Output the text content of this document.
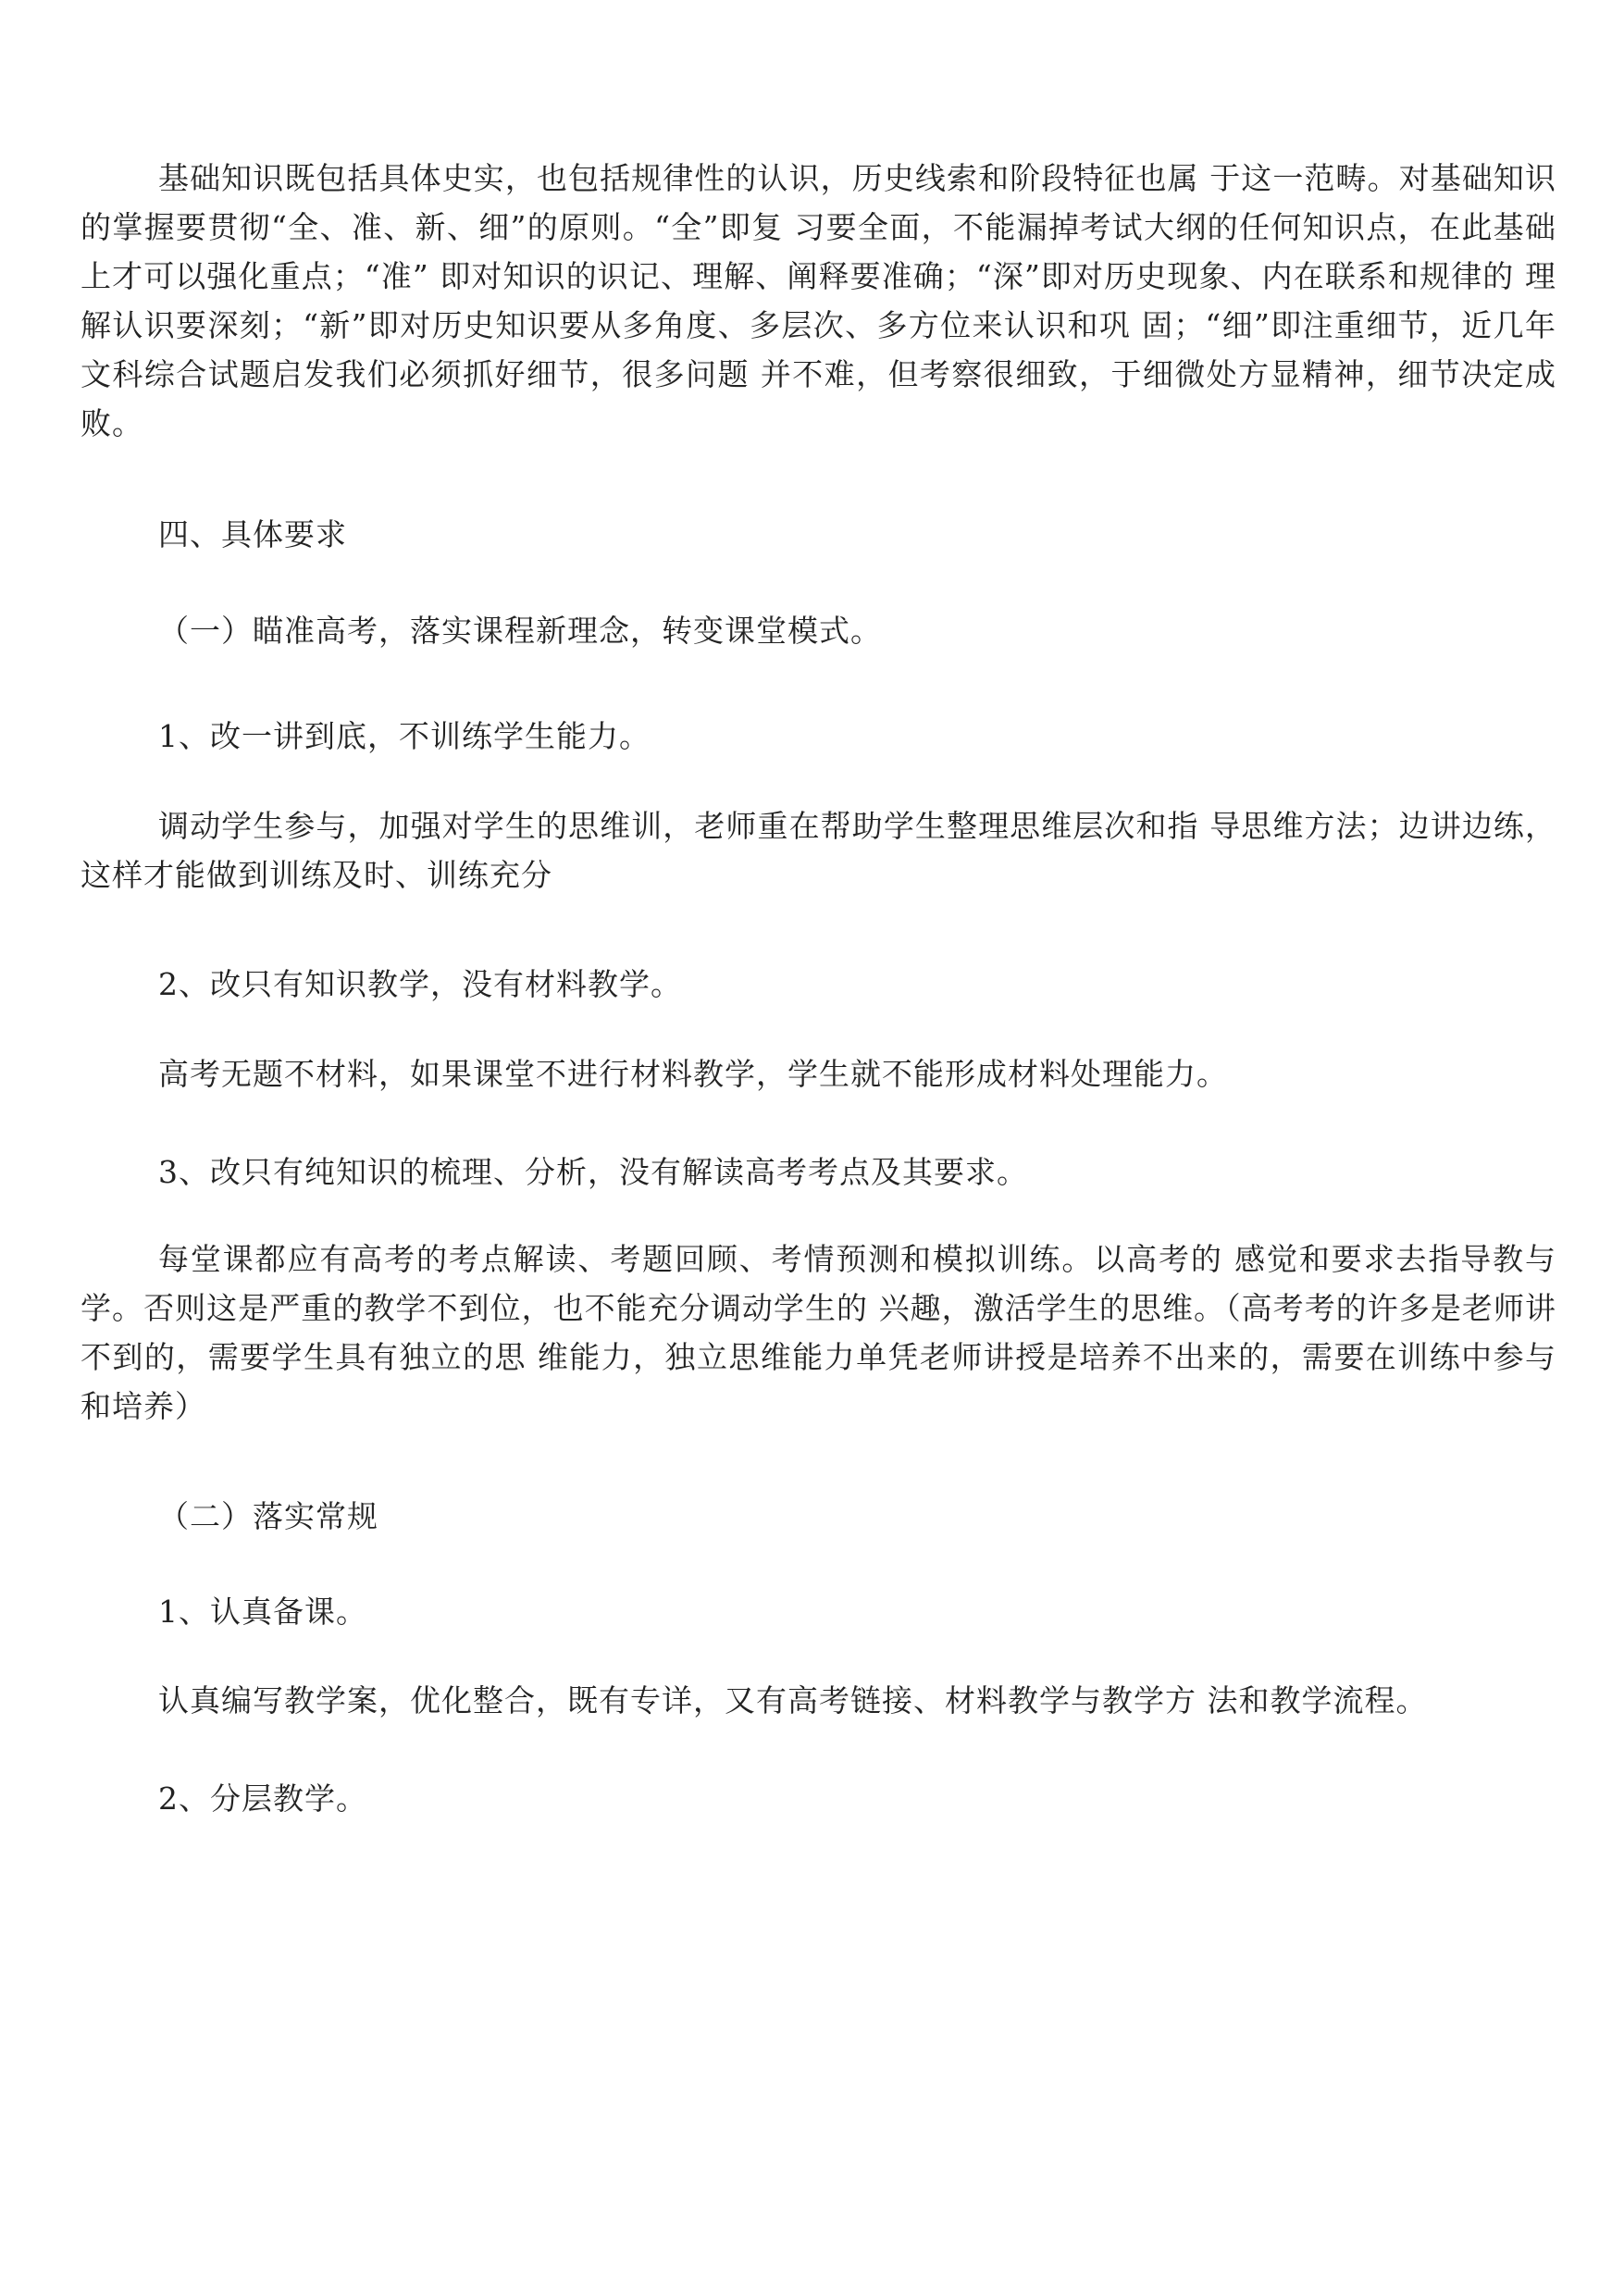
基础知识既包括具体史实，也包括规律性的认识，历史线索和阶段特征也属 于这一范畴。对基础知识的掌握要贯彻“全、准、新、细”的原则。“全”即复 习要全面，不能漏掉考试大纲的任何知识点，在此基础上才可以强化重点；“准” 即对知识的识记、理解、阐释要准确；“深”即对历史现象、内在联系和规律的 理解认识要深刻；“新”即对历史知识要从多角度、多层次、多方位来认识和巩 固；“细”即注重细节，近几年文科综合试题启发我们必须抓好细节，很多问题 并不难，但考察很细致，于细微处方显精神，细节决定成败。

四、具体要求

（一）瞄准高考，落实课程新理念，转变课堂模式。

1、改一讲到底，不训练学生能力。

调动学生参与，加强对学生的思维训，老师重在帮助学生整理思维层次和指 导思维方法；边讲边练，这样才能做到训练及时、训练充分

2、改只有知识教学，没有材料教学。

高考无题不材料，如果课堂不进行材料教学，学生就不能形成材料处理能力。

3、改只有纯知识的梳理、分析，没有解读高考考点及其要求。

每堂课都应有高考的考点解读、考题回顾、考情预测和模拟训练。以高考的 感觉和要求去指导教与学。否则这是严重的教学不到位，也不能充分调动学生的 兴趣，激活学生的思维。（高考考的许多是老师讲不到的，需要学生具有独立的思 维能力，独立思维能力单凭老师讲授是培养不出来的，需要在训练中参与和培养）

（二）落实常规

1、认真备课。

认真编写教学案，优化整合，既有专详，又有高考链接、材料教学与教学方 法和教学流程。

2、分层教学。
